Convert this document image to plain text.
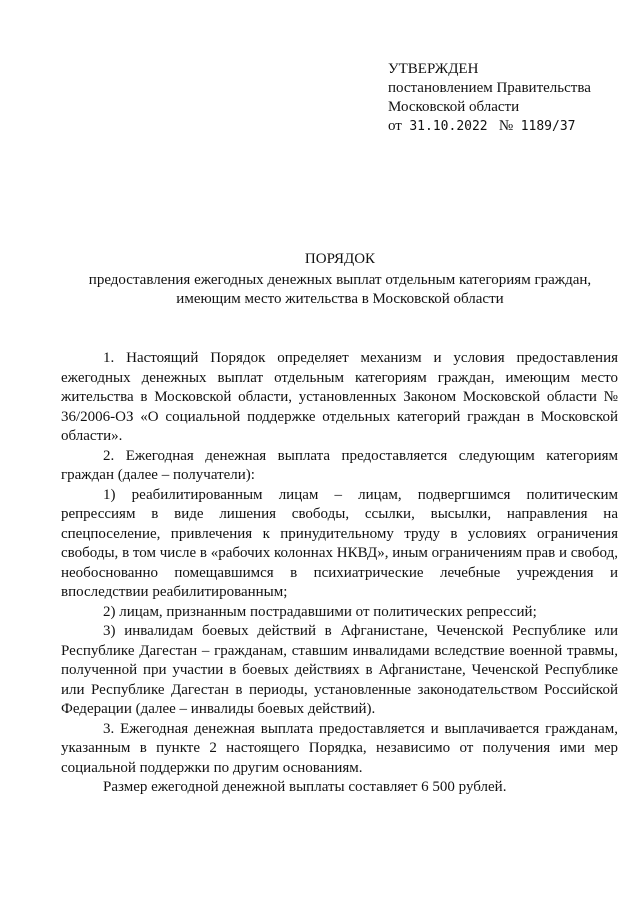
УТВЕРЖДЕН
постановлением Правительства
Московской области
от 31.10.2022 № 1189/37
ПОРЯДОК
предоставления ежегодных денежных выплат отдельным категориям граждан,
имеющим место жительства в Московской области

1. Настоящий Порядок определяет механизм и условия предоставления ежегодных денежных выплат отдельным категориям граждан, имеющим место жительства в Московской области, установленных Законом Московской области № 36/2006-ОЗ «О социальной поддержке отдельных категорий граждан в Московской области».

2. Ежегодная денежная выплата предоставляется следующим категориям граждан (далее – получатели):

1) реабилитированным лицам – лицам, подвергшимся политическим репрессиям в виде лишения свободы, ссылки, высылки, направления на спецпоселение, привлечения к принудительному труду в условиях ограничения свободы, в том числе в «рабочих колоннах НКВД», иным ограничениям прав и свобод, необоснованно помещавшимся в психиатрические лечебные учреждения и впоследствии реабилитированным;

2) лицам, признанным пострадавшими от политических репрессий;

3) инвалидам боевых действий в Афганистане, Чеченской Республике или Республике Дагестан – гражданам, ставшим инвалидами вследствие военной травмы, полученной при участии в боевых действиях в Афганистане, Чеченской Республике или Республике Дагестан в периоды, установленные законодательством Российской Федерации (далее – инвалиды боевых действий).

3. Ежегодная денежная выплата предоставляется и выплачивается гражданам, указанным в пункте 2 настоящего Порядка, независимо от получения ими мер социальной поддержки по другим основаниям.

Размер ежегодной денежной выплаты составляет 6 500 рублей.
